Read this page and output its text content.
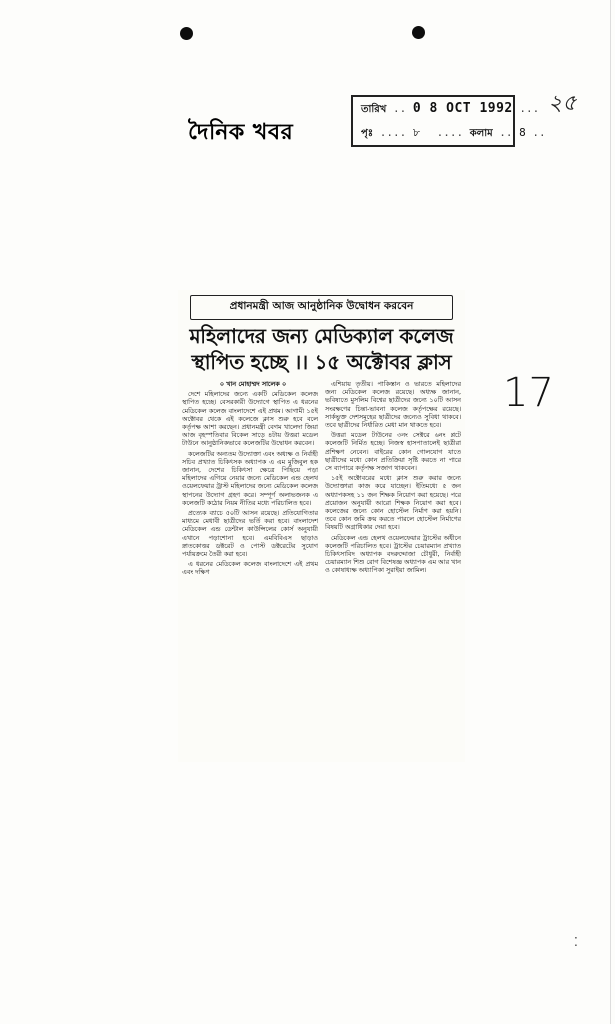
দৈনিক খবর
তারিখ .. 0 8 OCT 1992 ...
পৃঃ .... ৮ .... কলাম .. 8 ..
২৫
17
প্রধানমন্ত্রী আজ আনুষ্ঠানিক উদ্বোধন করবেন
মহিলাদের জন্য মেডিক্যাল কলেজ
স্থাপিত হচ্ছে ।। ১৫ অক্টোবর ক্লাস

০ খান মোহাম্মদ সালেক ০

দেশে মহিলাদের জন্যে একটি মেডিকেল কলেজ স্থাপিত হচ্ছে। বেসরকারী উদ্যোগে স্থাপিত এ ধরনের মেডিকেল কলেজ বাংলাদেশে এই প্রথম। আগামী ১৫ই অক্টোবর থেকে এই কলেজে ক্লাস শুরু হবে বলে কর্তৃপক্ষ আশা করছেন। প্রধানমন্ত্রী বেগম খালেদা জিয়া আজ বৃহস্পতিবার বিকেল সাড়ে ৪টায় উত্তরা মডেল টাউনে আনুষ্ঠানিকভাবে কলেজটির উদ্বোধন করবেন।

কলেজটির অন্যতম উদ্যোক্তা এবং অধ্যক্ষ ও নির্বাহী সচিব প্রখ্যাত চিকিৎসক অধ্যাপক এ এম মুজিবুল হক জানান, দেশের চিকিৎসা ক্ষেত্রে পিছিয়ে পড়া মহিলাদের এগিয়ে নেয়ার জন্যে মেডিকেল এন্ড হেলথ ওয়েলফেয়ার ট্রাস্ট মহিলাদের জন্যে মেডিকেল কলেজ স্থাপনের উদ্যোগ গ্রহণ করে। সম্পূর্ণ অলাভজনক এ কলেজটি কঠোর নিয়ম নীতির মধ্যে পরিচালিত হবে।

প্রত্যেক ব্যাচে ৫০টি আসন রয়েছে। প্রতিযোগিতার মাধ্যমে মেধাবী ছাত্রীদের ভর্তি করা হবে। বাংলাদেশ মেডিকেল এন্ড ডেন্টাল কাউন্সিলের কোর্স অনুযায়ী এখানে পড়াশোনা হবে। এমবিবিএস ছাড়াও স্নাতকোত্তর ডক্টরেট ও পোস্ট ডক্টরেটের সুযোগ পর্যায়ক্রমে তৈরী করা হবে।

এ ধরনের মেডিকেল কলেজ বাংলাদেশে এই প্রথম এবং দক্ষিণ

এশিয়ায় তৃতীয়। পাকিস্তান ও ভারতে মহিলাদের জন্য মেডিকেল কলেজ রয়েছে। অধ্যক্ষ জানান, ভবিষ্যতে মুসলিম বিশ্বের ছাত্রীদের জন্যে ১০টি আসন সংরক্ষণের চিন্তা-ভাবনা কলেজ কর্তৃপক্ষের রয়েছে। সার্কভুক্ত দেশসমূহের ছাত্রীদের জন্যেও সুবিধা থাকবে। তবে ছাত্রীদের নির্ধারিত মেধা মান থাকতে হবে।

উত্তরা মডেল টাউনের ৩নং সেক্টরে ৬নং প্লটে কলেজটি নির্মিত হচ্ছে। নিজস্ব হাসপাতালেই ছাত্রীরা প্রশিক্ষণ নেবেন। বাইরের কোন গোলযোগ যাতে ছাত্রীদের মধ্যে কোন প্রতিক্রিয়া সৃষ্টি করতে না পারে সে ব্যাপারে কর্তৃপক্ষ সজাগ থাকবেন।

১৫ই অক্টোবরের মধ্যে ক্লাস শুরু করার জন্যে উদ্যোক্তারা কাজ করে যাচ্ছেন। ইতিমধ্যে ৫ জন অধ্যাপকসহ ১১ জন শিক্ষক নিয়োগ করা হয়েছে। পরে প্রয়োজন অনুযায়ী আরো শিক্ষক নিয়োগ করা হবে। কলেজের জন্যে কোন হোস্টেল নির্মাণ করা হয়নি। তবে কোন জমি ক্রয় করতে পারলে হোস্টেল নির্মাণের বিষয়টি অগ্রাধিকার দেয়া হবে।

মেডিকেল এন্ড হেলথ ওয়েলফেয়ার ট্রাস্টের অধীনে কলেজটি পরিচালিত হবে। ট্রাস্টের চেয়ারম্যান প্রখ্যাত চিকিৎসাবিদ অধ্যাপক বদরুদ্দোজা চৌধুরী, নির্বাহী চেয়ারম্যান শিশু রোগ বিশেষজ্ঞ অধ্যাপক এম আর খান ও কোষাধ্যক্ষ অধ্যাপিকা সুরাইয়া জামিল।

⁚
